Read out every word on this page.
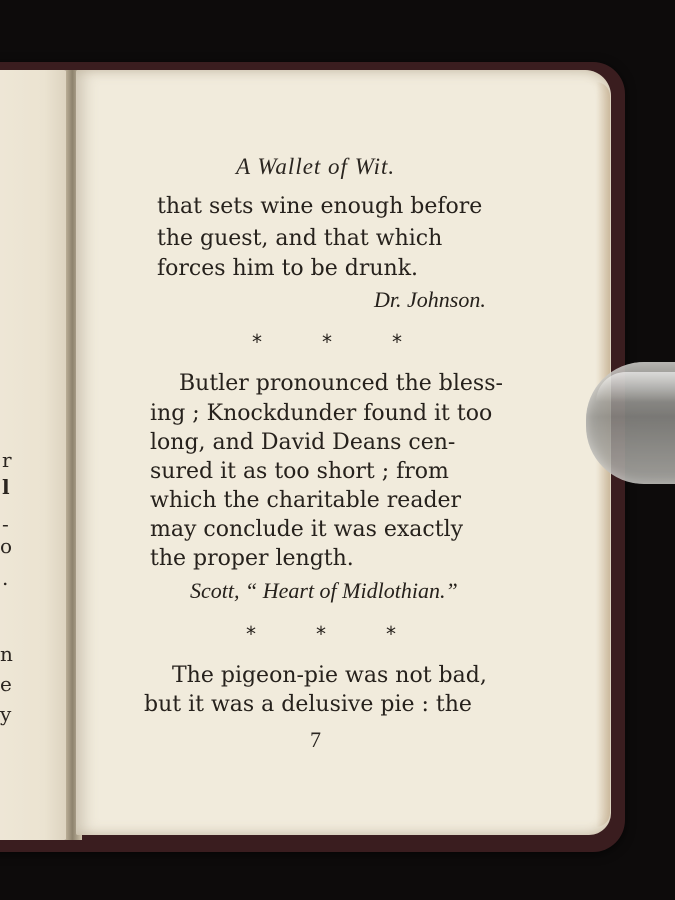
r
l
-
o
.
n
e
y
A Wallet of Wit.
that sets wine enough before
the guest, and that which
forces him to be drunk.
Dr. Johnson.
*	*	*
Butler pronounced the bless-
ing ; Knockdunder found it too
long, and David Deans cen-
sured it as too short ; from
which the charitable reader
may conclude it was exactly
the proper length.
Scott, “ Heart of Midlothian.”
*	*	*
The pigeon-pie was not bad,
but it was a delusive pie : the
7
